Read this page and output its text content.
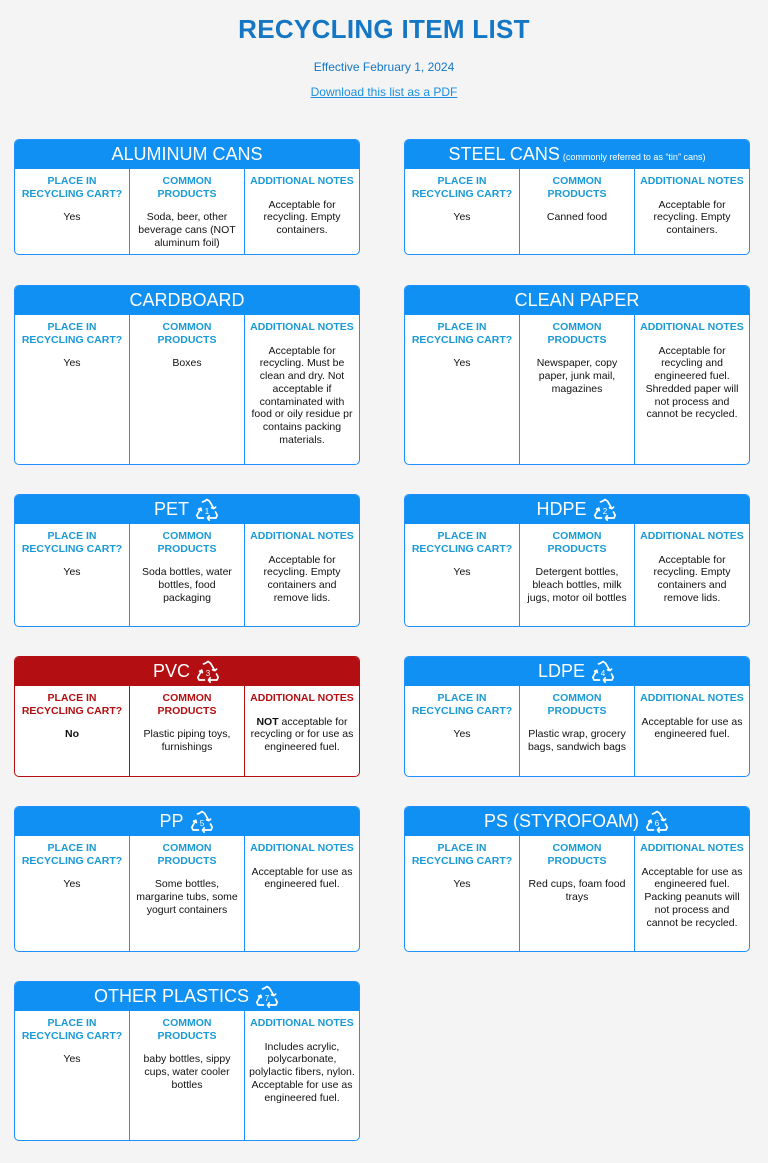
RECYCLING ITEM LIST
Effective February 1, 2024
Download this list as a PDF
ALUMINUM CANS
PLACE IN RECYCLING CART?
Yes
COMMON PRODUCTS
Soda, beer, other beverage cans (NOT aluminum foil)
ADDITIONAL NOTES
Acceptable for recycling. Empty containers.
STEEL CANS (commonly referred to as “tin” cans)
PLACE IN RECYCLING CART?
Yes
COMMON PRODUCTS
Canned food
ADDITIONAL NOTES
Acceptable for recycling. Empty containers.
CARDBOARD
PLACE IN RECYCLING CART?
Yes
COMMON PRODUCTS
Boxes
ADDITIONAL NOTES
Acceptable for recycling. Must be clean and dry. Not acceptable if contaminated with food or oily residue pr contains packing materials.
CLEAN PAPER
PLACE IN RECYCLING CART?
Yes
COMMON PRODUCTS
Newspaper, copy paper, junk mail, magazines
ADDITIONAL NOTES
Acceptable for recycling and engineered fuel. Shredded paper will not process and cannot be recycled.
PET 1
PLACE IN RECYCLING CART?
Yes
COMMON PRODUCTS
Soda bottles, water bottles, food packaging
ADDITIONAL NOTES
Acceptable for recycling. Empty containers and remove lids.
HDPE 2
PLACE IN RECYCLING CART?
Yes
COMMON PRODUCTS
Detergent bottles, bleach bottles, milk jugs, motor oil bottles
ADDITIONAL NOTES
Acceptable for recycling. Empty containers and remove lids.
PVC 3
PLACE IN RECYCLING CART?
No
COMMON PRODUCTS
Plastic piping toys, furnishings
ADDITIONAL NOTES
NOT acceptable for recycling or for use as engineered fuel.
LDPE 4
PLACE IN RECYCLING CART?
Yes
COMMON PRODUCTS
Plastic wrap, grocery bags, sandwich bags
ADDITIONAL NOTES
Acceptable for use as engineered fuel.
PP 5
PLACE IN RECYCLING CART?
Yes
COMMON PRODUCTS
Some bottles, margarine tubs, some yogurt containers
ADDITIONAL NOTES
Acceptable for use as engineered fuel.
PS (STYROFOAM) 6
PLACE IN RECYCLING CART?
Yes
COMMON PRODUCTS
Red cups, foam food trays
ADDITIONAL NOTES
Acceptable for use as engineered fuel. Packing peanuts will not process and cannot be recycled.
OTHER PLASTICS 7
PLACE IN RECYCLING CART?
Yes
COMMON PRODUCTS
baby bottles, sippy cups, water cooler bottles
ADDITIONAL NOTES
Includes acrylic, polycarbonate, polylactic fibers, nylon. Acceptable for use as engineered fuel.
